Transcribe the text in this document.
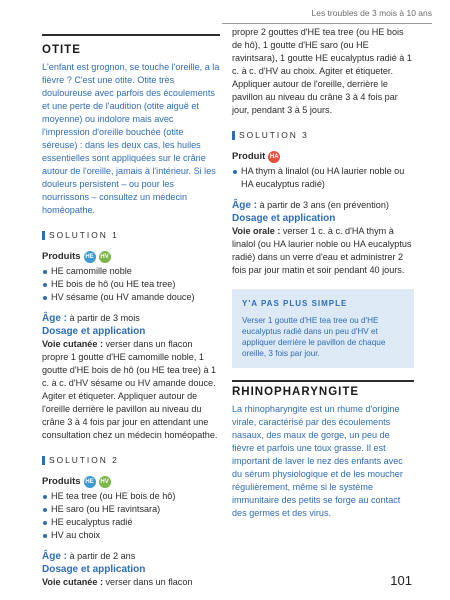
Les troubles de 3 mois à 10 ans
OTITE
L'enfant est grognon, se touche l'oreille, a la fièvre ? C'est une otite. Otite très douloureuse avec parfois des écoulements et une perte de l'audition (otite aiguë et moyenne) ou indolore mais avec l'impression d'oreille bouchée (otite séreuse) : dans les deux cas, les huiles essentielles sont appliquées sur le crâne autour de l'oreille, jamais à l'intérieur. Si les douleurs persistent – ou pour les nourrissons – consultez un médecin homéopathe.
SOLUTION 1
Produits HE	HV
HE camomille noble
HE bois de hô (ou HE tea tree)
HV sésame (ou HV amande douce)
Âge : à partir de 3 mois
Dosage et application
Voie cutanée : verser dans un flacon propre 1 goutte d'HE camomille noble, 1 goutte d'HE bois de hô (ou HE tea tree) à 1 c. à c. d'HV sésame ou HV amande douce. Agiter et étiqueter. Appliquer autour de l'oreille derrière le pavillon au niveau du crâne 3 à 4 fois par jour en attendant une consultation chez un médecin homéopathe.
SOLUTION 2
Produits HE	HV
HE tea tree (ou HE bois de hô)
HE saro (ou HE ravintsara)
HE eucalyptus radié
HV au choix
Âge : à partir de 2 ans
Dosage et application
Voie cutanée : verser dans un flacon
propre 2 gouttes d'HE tea tree (ou HE bois de hô), 1 goutte d'HE saro (ou HE ravintsara), 1 goutte HE eucalyptus radié à 1 c. à c. d'HV au choix. Agiter et étiqueter. Appliquer autour de l'oreille, derrière le pavillon au niveau du crâne 3 à 4 fois par jour, pendant 3 à 5 jours.
SOLUTION 3
Produit HA
HA thym à linalol (ou HA laurier noble ou HA eucalyptus radié)
Âge : à partir de 3 ans (en prévention)
Dosage et application
Voie orale : verser 1 c. à c. d'HA thym à linalol (ou HA laurier noble ou HA eucalyptus radié) dans un verre d'eau et administrer 2 fois par jour matin et soir pendant 40 jours.
Y'A PAS PLUS SIMPLE
Verser 1 goutte d'HE tea tree ou d'HE eucalyptus radié dans un peu d'HV et appliquer derrière le pavillon de chaque oreille, 3 fois par jour.
RHINOPHARYNGITE
La rhinopharyngite est un rhume d'origine virale, caractérisé par des écoulements nasaux, des maux de gorge, un peu de fièvre et parfois une toux grasse. Il est important de laver le nez des enfants avec du sérum physiologique et de les moucher régulièrement, même si le système immunitaire des petits se forge au contact des germes et des virus.
101
